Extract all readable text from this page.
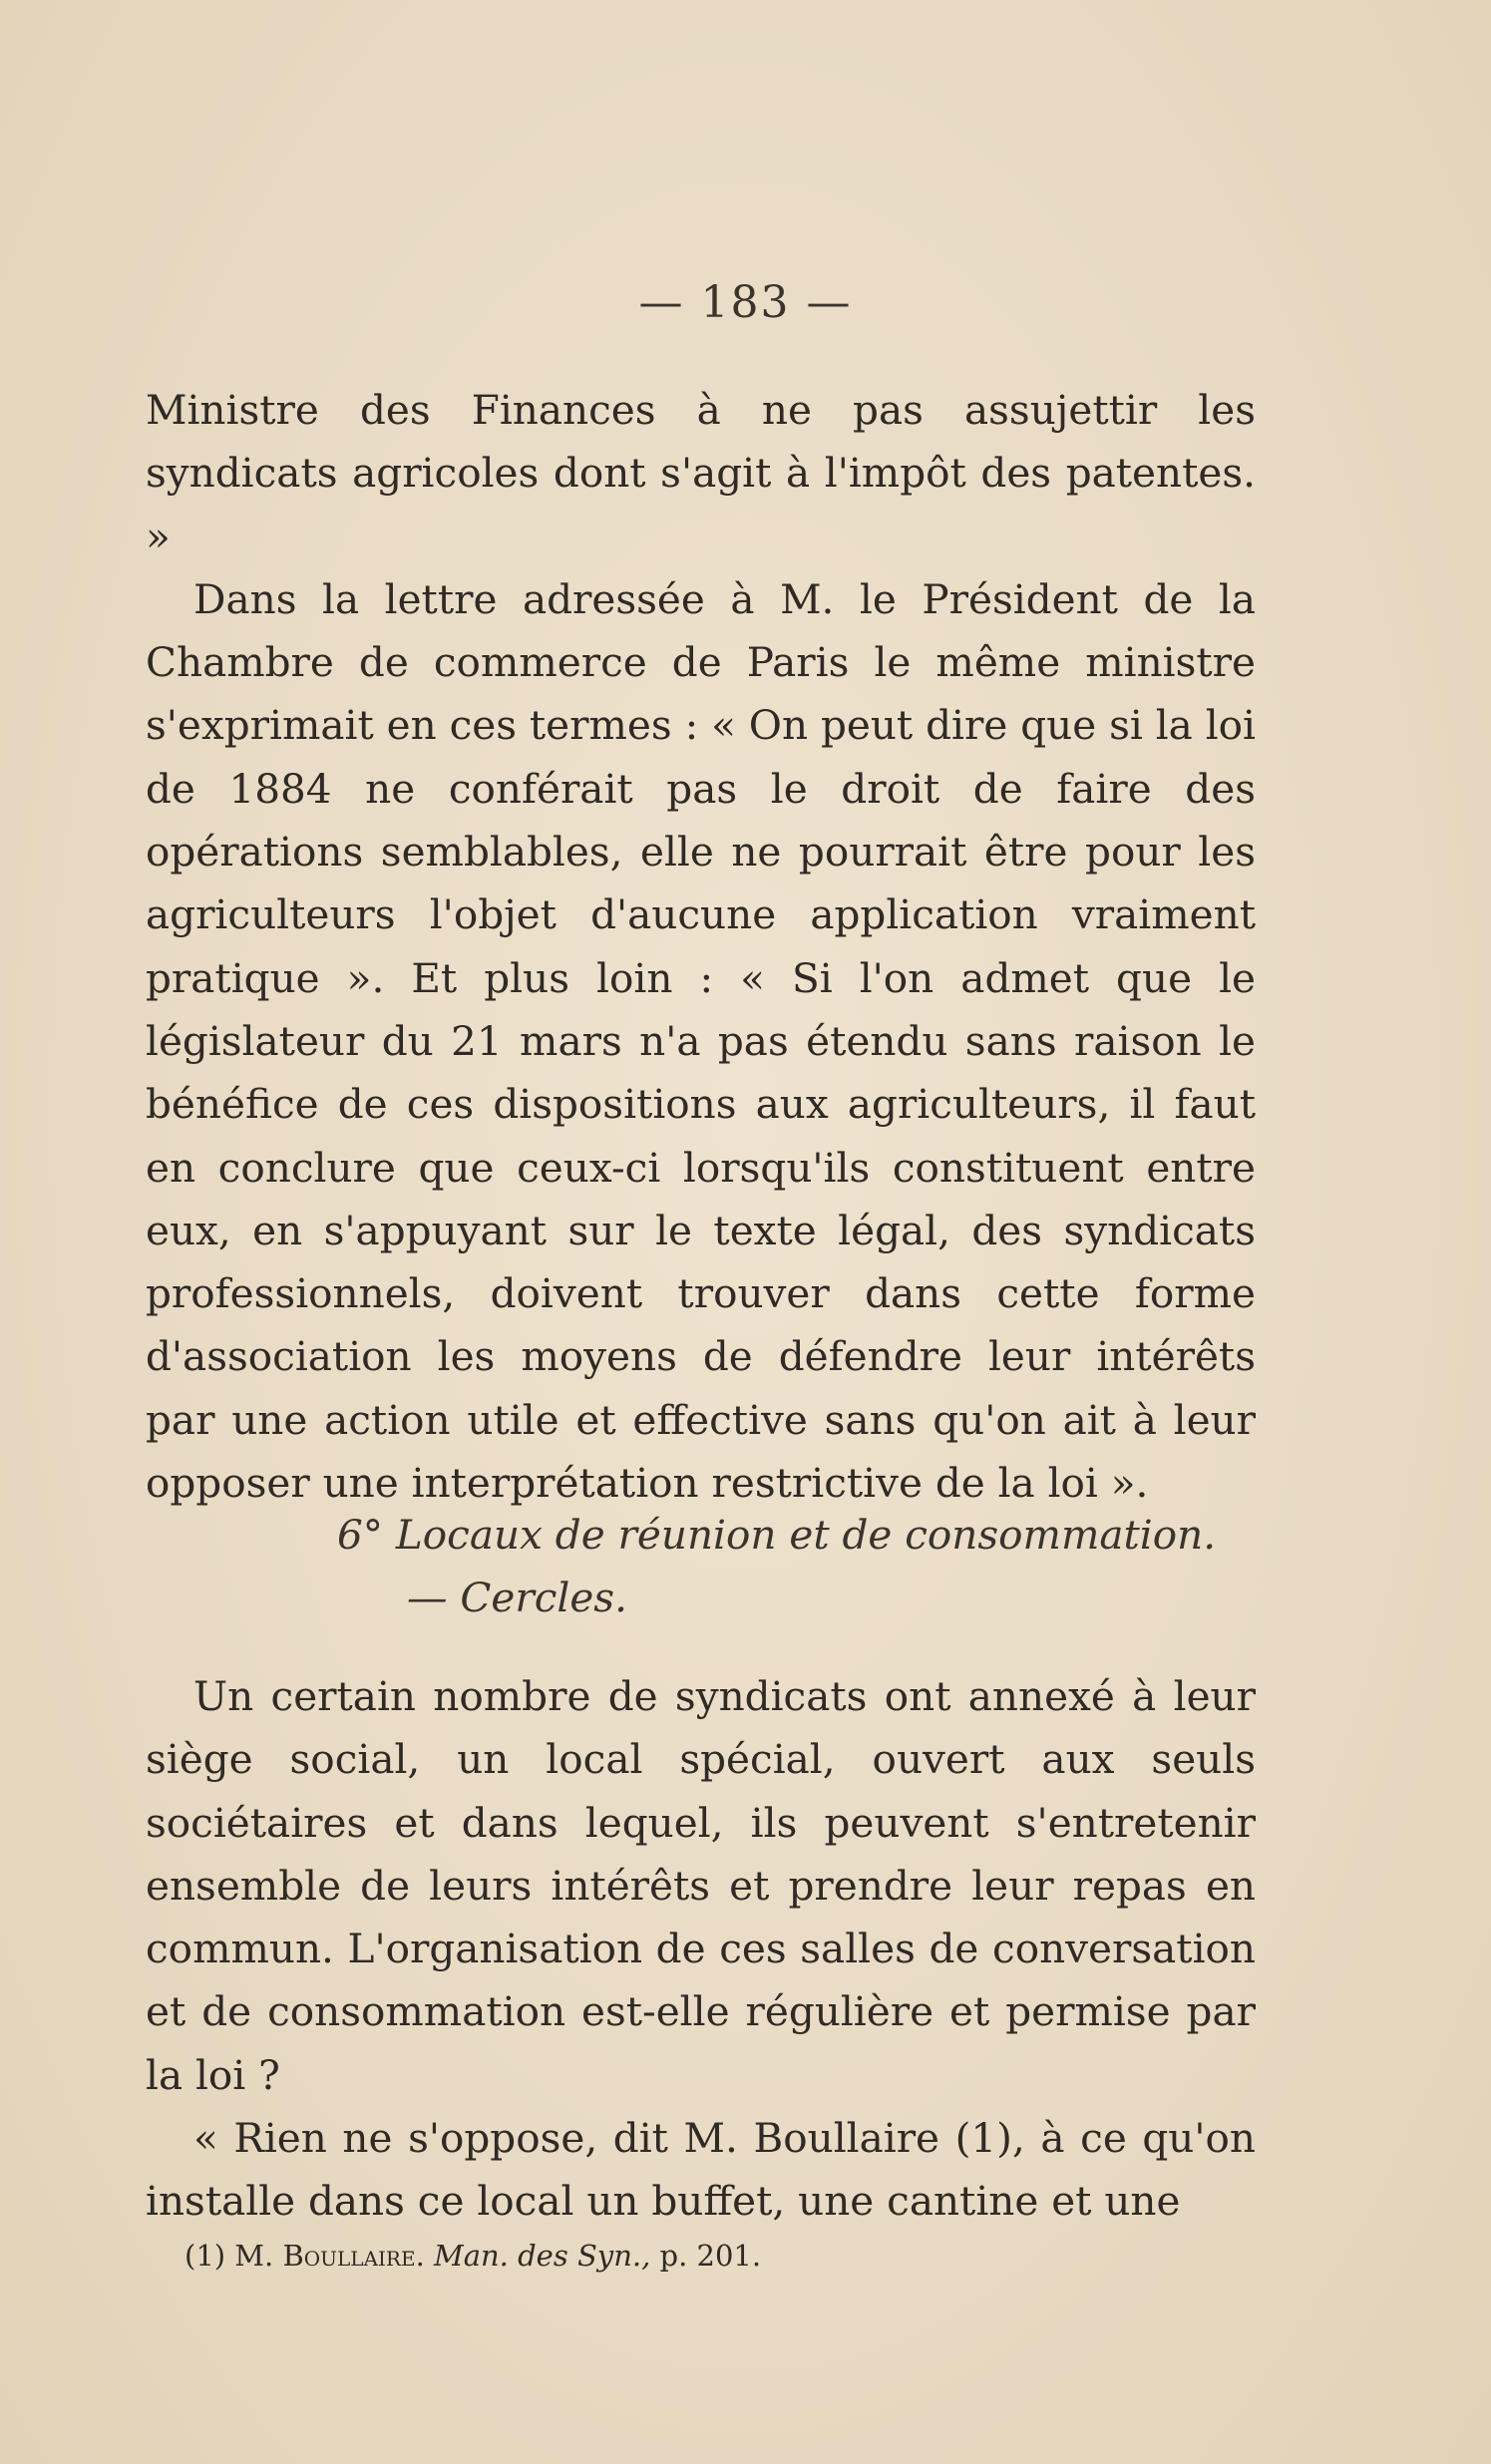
— 183 —

Ministre des Finances à ne pas assujettir les syndicats agricoles dont s'agit à l'impôt des patentes. »

Dans la lettre adressée à M. le Président de la Chambre de commerce de Paris le même ministre s'exprimait en ces termes : « On peut dire que si la loi de 1884 ne conférait pas le droit de faire des opérations semblables, elle ne pourrait être pour les agriculteurs l'objet d'aucune application vraiment pratique ». Et plus loin : « Si l'on admet que le législateur du 21 mars n'a pas étendu sans raison le bénéfice de ces dispositions aux agriculteurs, il faut en conclure que ceux-ci lorsqu'ils constituent entre eux, en s'appuyant sur le texte légal, des syndicats professionnels, doivent trouver dans cette forme d'association les moyens de défendre leur intérêts par une action utile et effective sans qu'on ait à leur opposer une interprétation restrictive de la loi ».

6° Locaux de réunion et de consommation.
— Cercles.

Un certain nombre de syndicats ont annexé à leur siège social, un local spécial, ouvert aux seuls sociétaires et dans lequel, ils peuvent s'entretenir ensemble de leurs intérêts et prendre leur repas en commun. L'organisation de ces salles de conversation et de consommation est-elle régulière et permise par la loi ?

« Rien ne s'oppose, dit M. Boullaire (1), à ce qu'on installe dans ce local un buffet, une cantine et une

(1) M. Boullaire. Man. des Syn., p. 201.
